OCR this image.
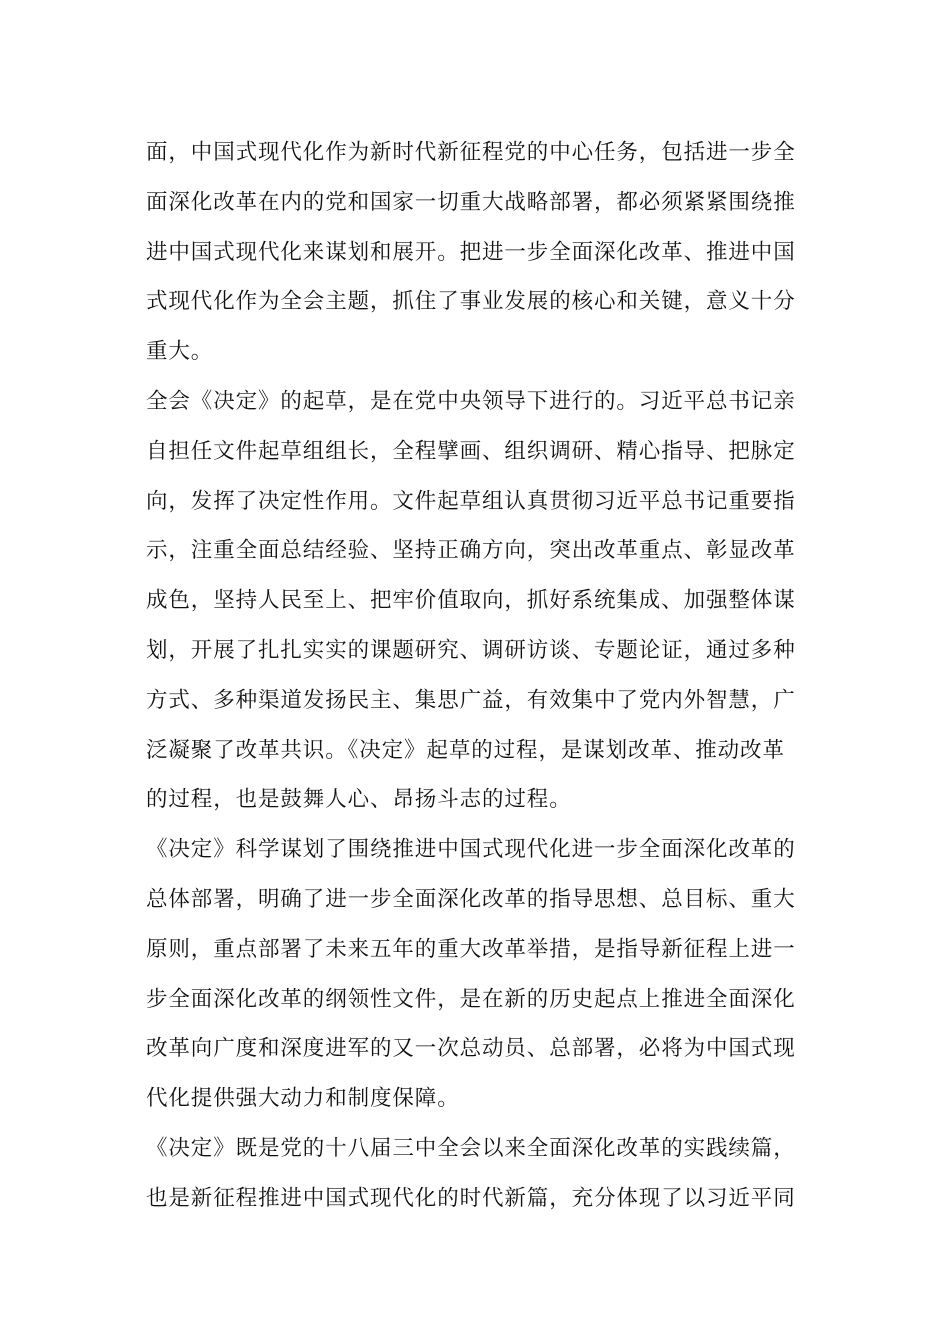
面，中国式现代化作为新时代新征程党的中心任务，包括进一步全
面深化改革在内的党和国家一切重大战略部署，都必须紧紧围绕推
进中国式现代化来谋划和展开。把进一步全面深化改革、推进中国
式现代化作为全会主题，抓住了事业发展的核心和关键，意义十分
重大。

全会《决定》的起草，是在党中央领导下进行的。习近平总书记亲
自担任文件起草组组长，全程擘画、组织调研、精心指导、把脉定
向，发挥了决定性作用。文件起草组认真贯彻习近平总书记重要指
示，注重全面总结经验、坚持正确方向，突出改革重点、彰显改革
成色，坚持人民至上、把牢价值取向，抓好系统集成、加强整体谋
划，开展了扎扎实实的课题研究、调研访谈、专题论证，通过多种
方式、多种渠道发扬民主、集思广益，有效集中了党内外智慧，广
泛凝聚了改革共识。《决定》起草的过程，是谋划改革、推动改革
的过程，也是鼓舞人心、昂扬斗志的过程。

《决定》科学谋划了围绕推进中国式现代化进一步全面深化改革的
总体部署，明确了进一步全面深化改革的指导思想、总目标、重大
原则，重点部署了未来五年的重大改革举措，是指导新征程上进一
步全面深化改革的纲领性文件，是在新的历史起点上推进全面深化
改革向广度和深度进军的又一次总动员、总部署，必将为中国式现
代化提供强大动力和制度保障。

《决定》既是党的十八届三中全会以来全面深化改革的实践续篇，
也是新征程推进中国式现代化的时代新篇，充分体现了以习近平同
